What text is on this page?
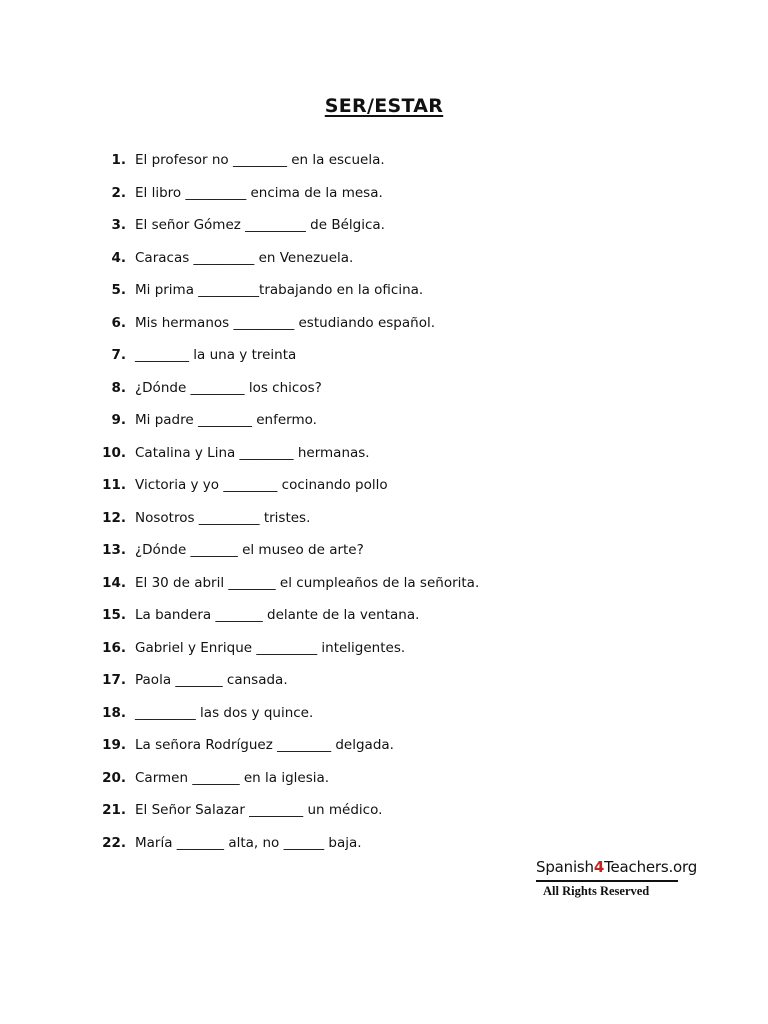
SER/ESTAR
1. El profesor no ________ en la escuela.
2. El libro _________ encima de la mesa.
3. El señor Gómez _________ de Bélgica.
4. Caracas _________ en Venezuela.
5. Mi prima _________trabajando en la oficina.
6. Mis hermanos _________ estudiando español.
7. ________ la una y treinta
8. ¿Dónde ________ los chicos?
9. Mi padre ________ enfermo.
10. Catalina y Lina ________ hermanas.
11. Victoria y yo ________ cocinando pollo
12. Nosotros _________ tristes.
13. ¿Dónde _______ el museo de arte?
14. El 30 de abril _______ el cumpleaños de la señorita.
15. La bandera _______ delante de la ventana.
16. Gabriel y Enrique _________ inteligentes.
17. Paola _______ cansada.
18. _________ las dos y quince.
19. La señora Rodríguez ________ delgada.
20. Carmen _______ en la iglesia.
21. El Señor Salazar ________ un médico.
22. María _______ alta, no ______ baja.
Spanish4Teachers.org
All Rights Reserved
